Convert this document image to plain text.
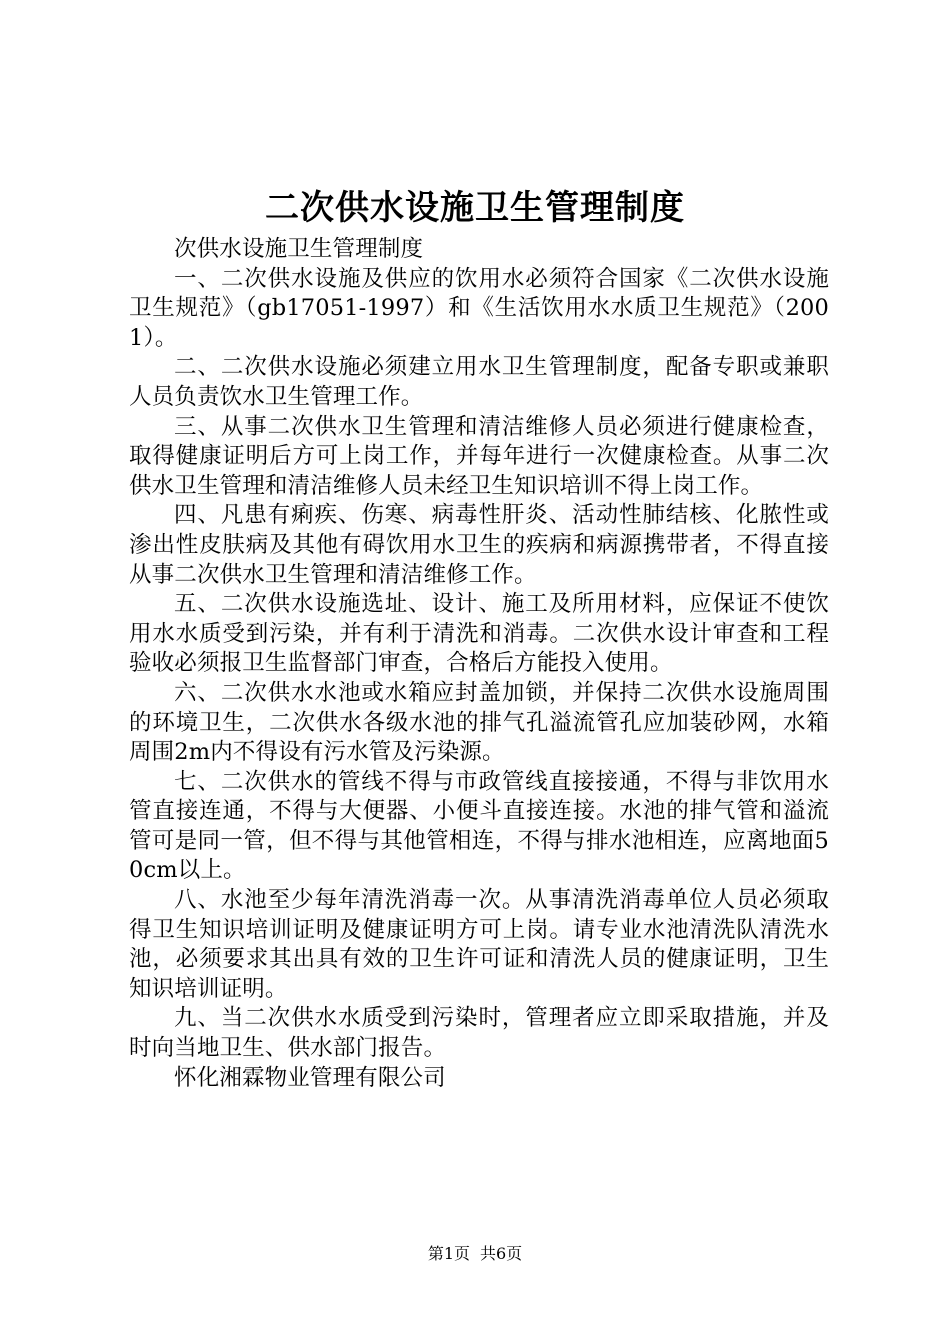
二次供水设施卫生管理制度

次供水设施卫生管理制度

一、二次供水设施及供应的饮用水必须符合国家《二次供水设施卫生规范》（gb17051-1997）和《生活饮用水水质卫生规范》（2001）。

二、二次供水设施必须建立用水卫生管理制度，配备专职或兼职人员负责饮水卫生管理工作。

三、从事二次供水卫生管理和清洁维修人员必须进行健康检查，取得健康证明后方可上岗工作，并每年进行一次健康检查。从事二次供水卫生管理和清洁维修人员未经卫生知识培训不得上岗工作。

四、凡患有痢疾、伤寒、病毒性肝炎、活动性肺结核、化脓性或渗出性皮肤病及其他有碍饮用水卫生的疾病和病源携带者，不得直接从事二次供水卫生管理和清洁维修工作。

五、二次供水设施选址、设计、施工及所用材料，应保证不使饮用水水质受到污染，并有利于清洗和消毒。二次供水设计审查和工程验收必须报卫生监督部门审查，合格后方能投入使用。

六、二次供水水池或水箱应封盖加锁，并保持二次供水设施周围的环境卫生，二次供水各级水池的排气孔溢流管孔应加装砂网，水箱周围2m内不得设有污水管及污染源。

七、二次供水的管线不得与市政管线直接接通，不得与非饮用水管直接连通，不得与大便器、小便斗直接连接。水池的排气管和溢流管可是同一管，但不得与其他管相连，不得与排水池相连，应离地面50cm以上。

八、水池至少每年清洗消毒一次。从事清洗消毒单位人员必须取得卫生知识培训证明及健康证明方可上岗。请专业水池清洗队清洗水池，必须要求其出具有效的卫生许可证和清洗人员的健康证明，卫生知识培训证明。

九、当二次供水水质受到污染时，管理者应立即采取措施，并及时向当地卫生、供水部门报告。

怀化湘霖物业管理有限公司

第1页 共6页
